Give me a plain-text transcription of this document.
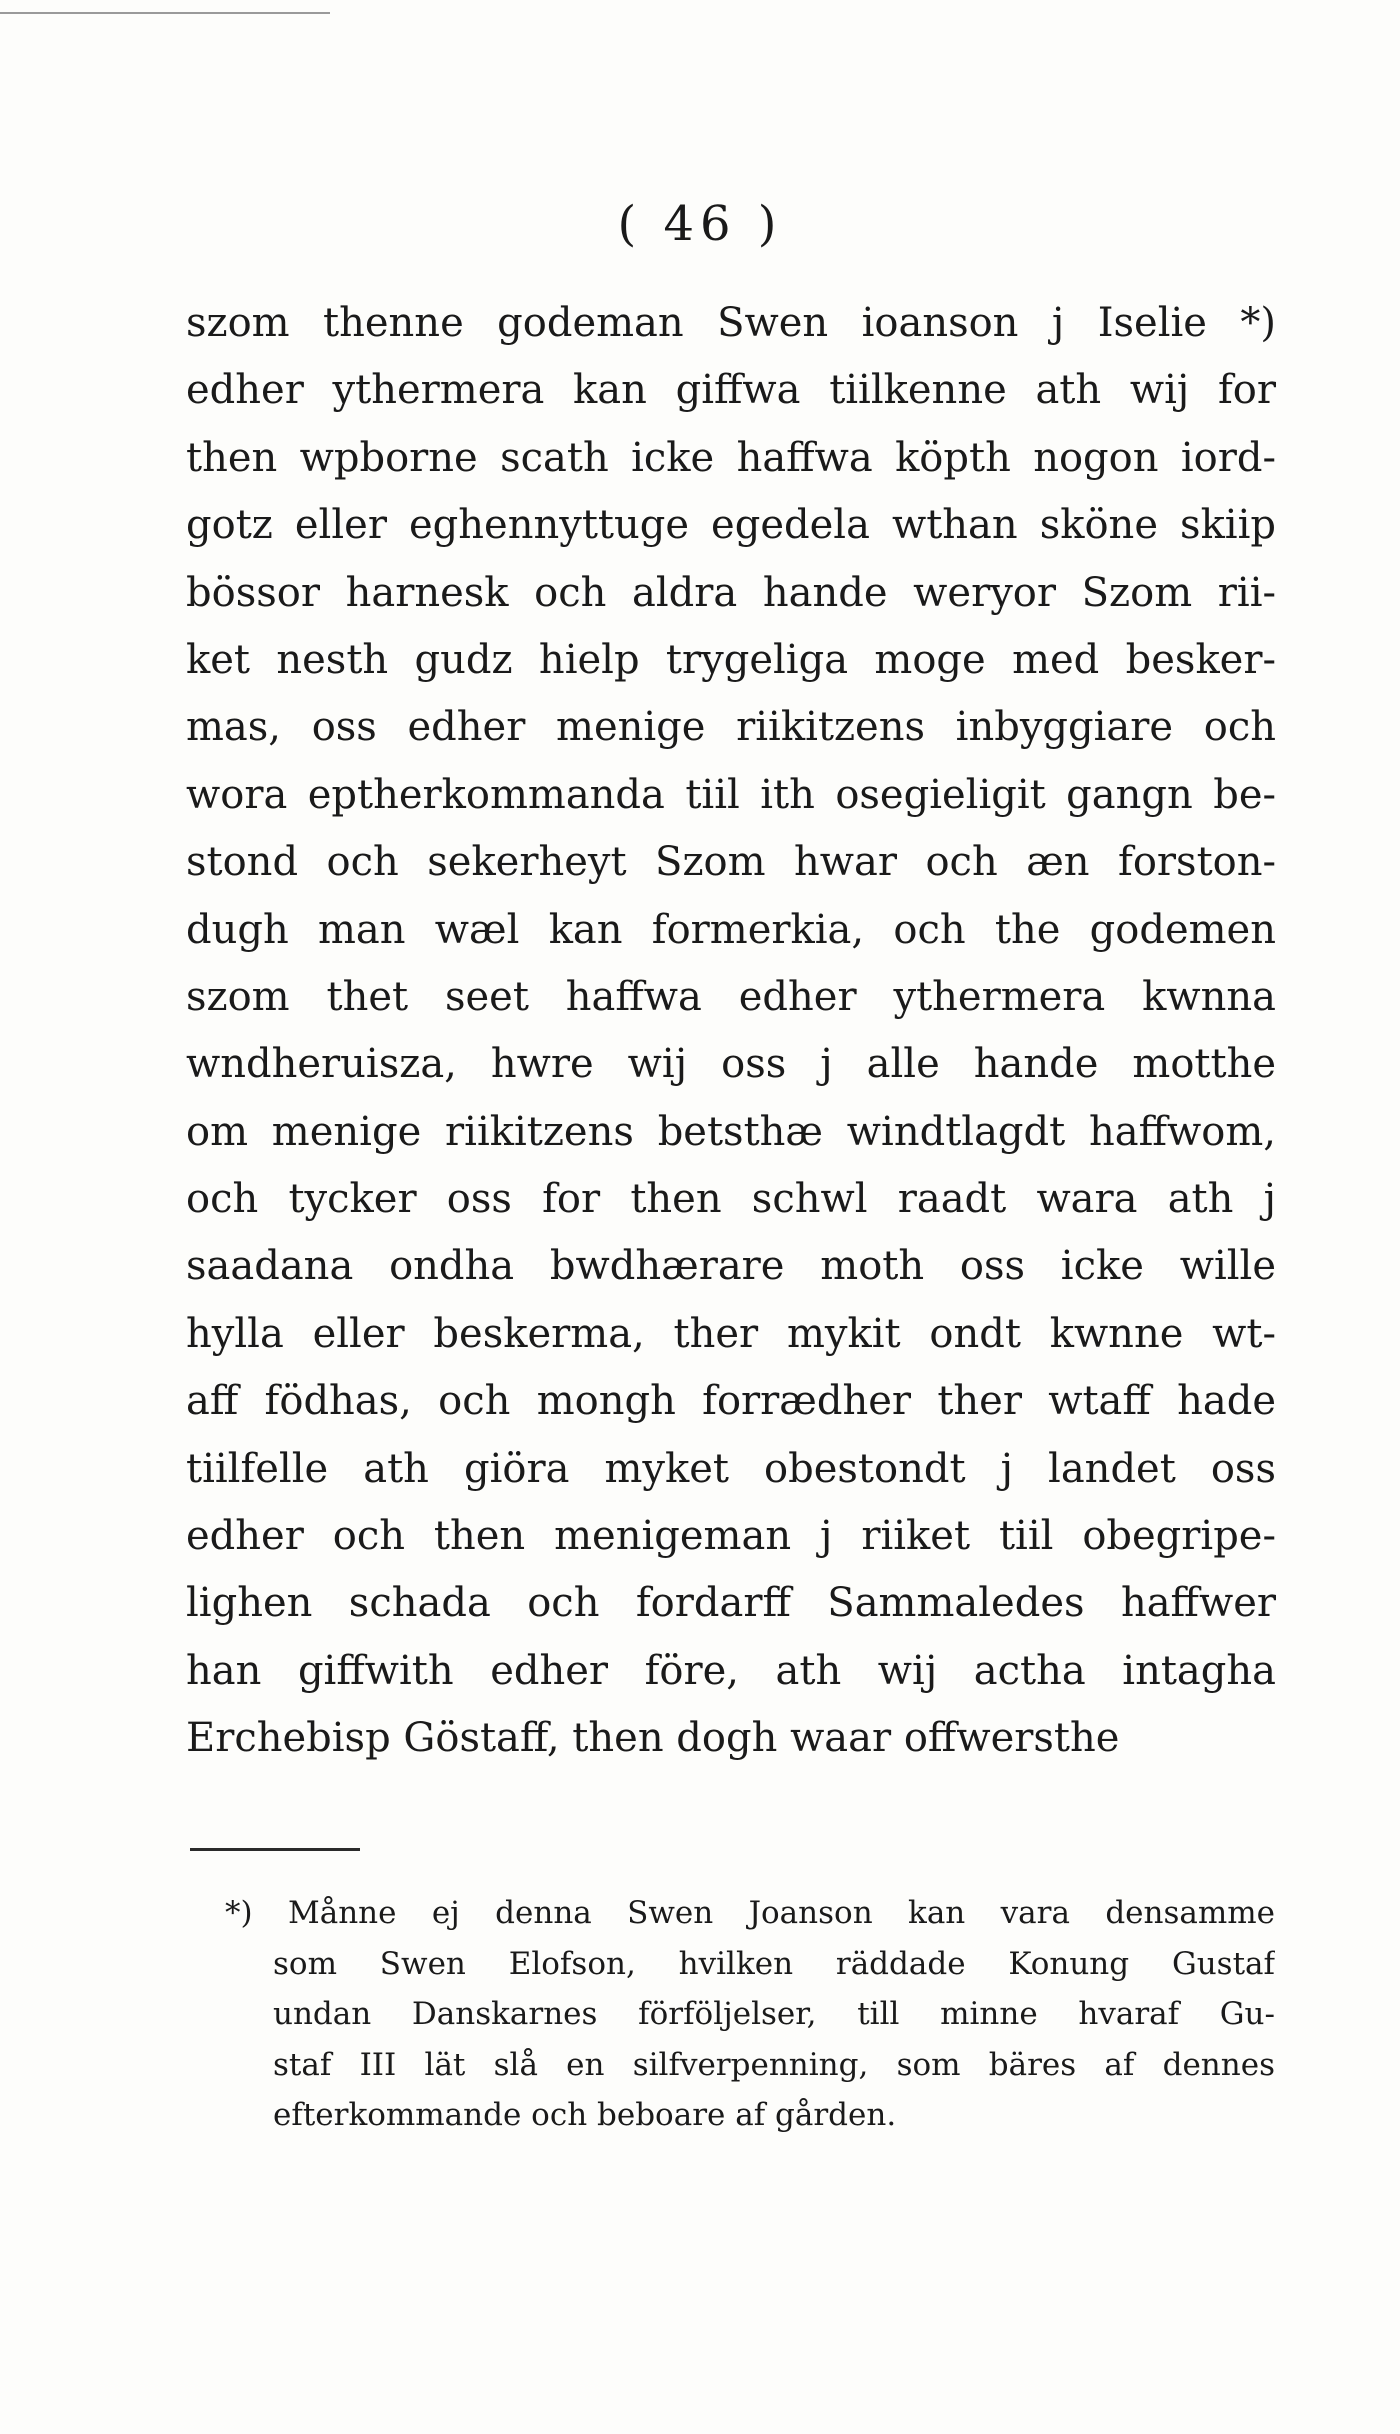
( 46 )
szom thenne godeman Swen ioanson j Iselie *)
edher ythermera kan giffwa tiilkenne ath wij for
then wpborne scath icke haffwa köpth nogon iord-
gotz eller eghennyttuge egedela wthan sköne skiip
bössor harnesk och aldra hande weryor Szom rii-
ket nesth gudz hielp trygeliga moge med besker-
mas, oss edher menige riikitzens inbyggiare och
wora eptherkommanda tiil ith osegieligit gangn be-
stond och sekerheyt Szom hwar och æn forston-
dugh man wæl kan formerkia, och the godemen
szom thet seet haffwa edher ythermera kwnna
wndheruisza, hwre wij oss j alle hande motthe
om menige riikitzens betsthæ windtlagdt haffwom,
och tycker oss for then schwl raadt wara ath j
saadana ondha bwdhærare moth oss icke wille
hylla eller beskerma, ther mykit ondt kwnne wt-
aff födhas, och mongh forrædher ther wtaff hade
tiilfelle ath giöra myket obestondt j landet oss
edher och then menigeman j riiket tiil obegripe-
lighen schada och fordarff Sammaledes haffwer
han giffwith edher före, ath wij actha intagha
Erchebisp Göstaff, then dogh waar offwersthe
*) Månne ej denna Swen Joanson kan vara densamme
som Swen Elofson, hvilken räddade Konung Gustaf
undan Danskarnes förföljelser, till minne hvaraf Gu-
staf III lät slå en silfverpenning, som bäres af dennes
efterkommande och beboare af gården.
